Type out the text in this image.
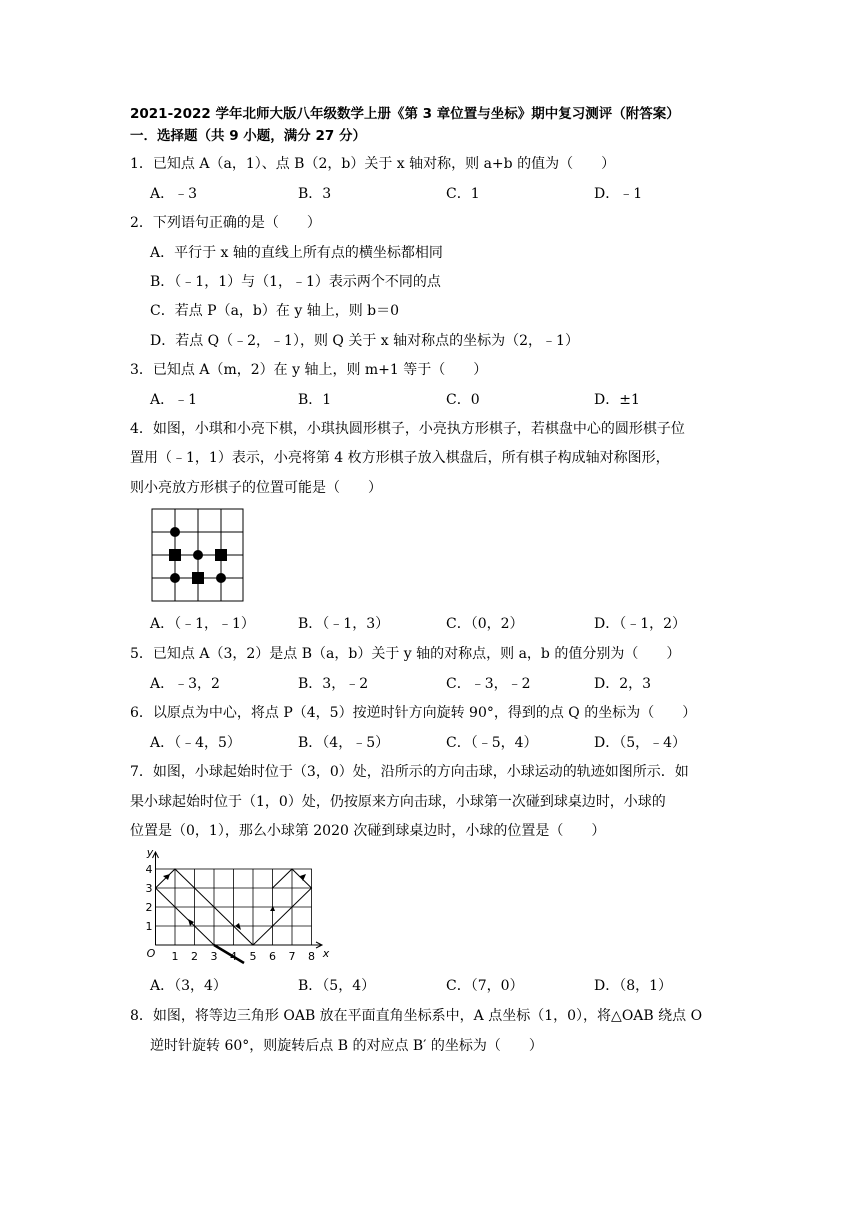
2021-2022 学年北师大版八年级数学上册《第 3 章位置与坐标》期中复习测评（附答案）
一．选择题（共 9 小题，满分 27 分）
1．已知点 A（a，1）、点 B（2，b）关于 x 轴对称，则 a+b 的值为（　　）
A．﹣3	B．3	C．1	D．﹣1
2．下列语句正确的是（　　）
A．平行于 x 轴的直线上所有点的横坐标都相同
B．（﹣1，1）与（1，﹣1）表示两个不同的点
C．若点 P（a，b）在 y 轴上，则 b＝0
D．若点 Q（﹣2，﹣1），则 Q 关于 x 轴对称点的坐标为（2，﹣1）
3．已知点 A（m，2）在 y 轴上，则 m+1 等于（　　）
A．﹣1	B．1	C．0	D．±1
4．如图，小琪和小亮下棋，小琪执圆形棋子，小亮执方形棋子，若棋盘中心的圆形棋子位
置用（﹣1，1）表示，小亮将第 4 枚方形棋子放入棋盘后，所有棋子构成轴对称图形，
则小亮放方形棋子的位置可能是（　　）
A．（﹣1，﹣1）	B．（﹣1，3）	C．（0，2）	D．（﹣1，2）
5．已知点 A（3，2）是点 B（a，b）关于 y 轴的对称点，则 a，b 的值分别为（　　）
A．﹣3，2	B．3，﹣2	C．﹣3，﹣2	D．2，3
6．以原点为中心，将点 P（4，5）按逆时针方向旋转 90°，得到的点 Q 的坐标为（　　）
A．（﹣4，5）	B．（4，﹣5）	C．（﹣5，4）	D．（5，﹣4）
7．如图，小球起始时位于（3，0）处，沿所示的方向击球，小球运动的轨迹如图所示．如
果小球起始时位于（1，0）处，仍按原来方向击球，小球第一次碰到球桌边时，小球的
位置是（0，1），那么小球第 2020 次碰到球桌边时，小球的位置是（　　）
1 2 3 4 5 6 7 8
1
2
3
4
O	x
y
A．（3，4）	B．（5，4）	C．（7，0）	D．（8，1）
8．如图，将等边三角形 OAB 放在平面直角坐标系中，A 点坐标（1，0），将△OAB 绕点 O
逆时针旋转 60°，则旋转后点 B 的对应点 B′ 的坐标为（　　）
